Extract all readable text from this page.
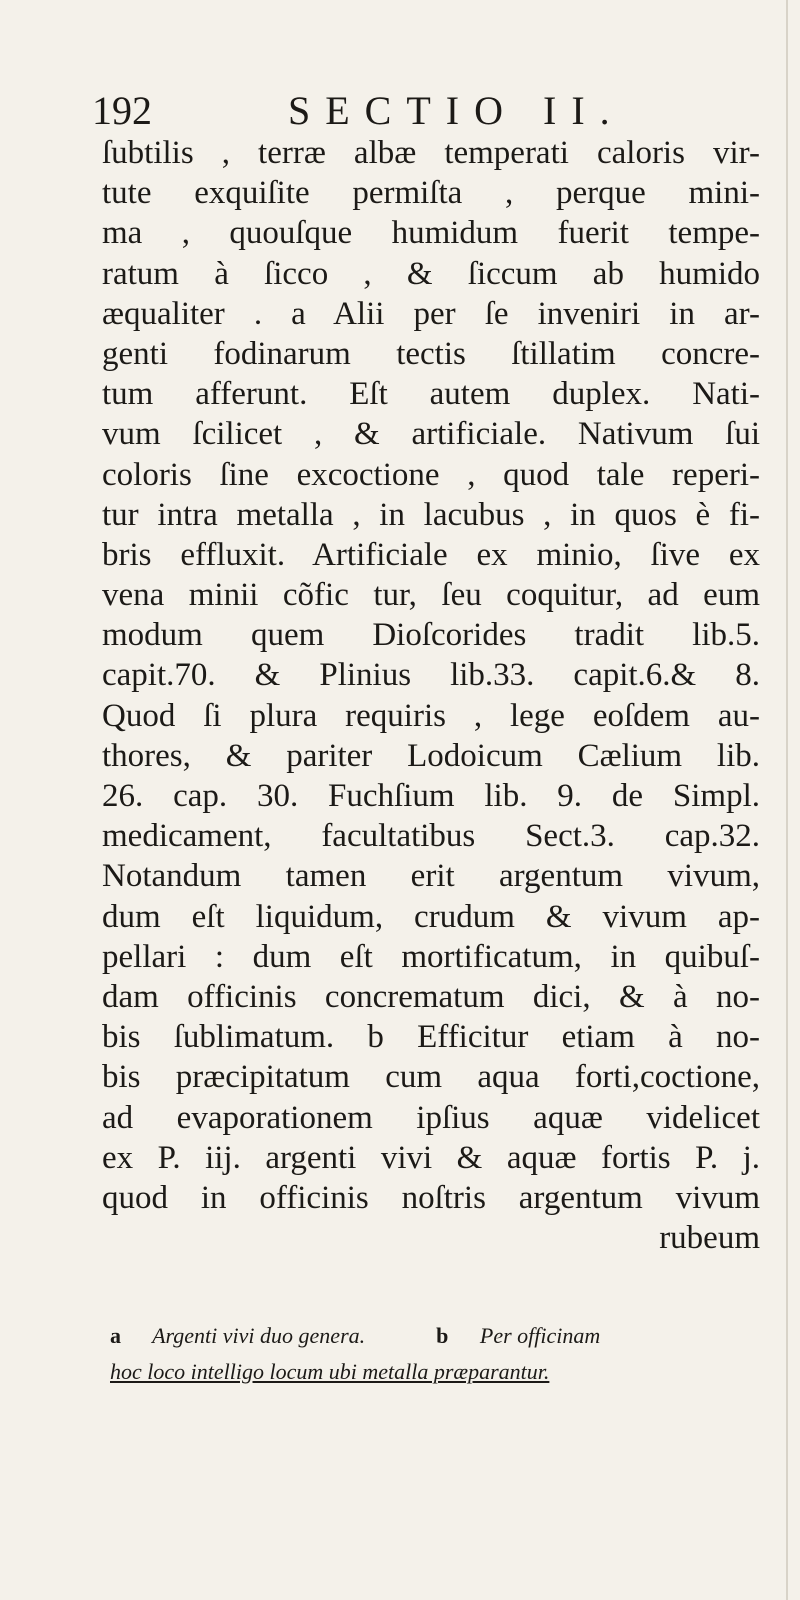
192	SECTIO II.
ſubtilis , terræ albæ temperati caloris vir-
tute exquiſite permiſta , perque mini-
ma , quouſque humidum fuerit tempe-
ratum à ſicco , & ſiccum ab humido
æqualiter . a Alii per ſe inveniri in ar-
genti fodinarum tectis ſtillatim concre-
tum afferunt. Eſt autem duplex. Nati-
vum ſcilicet , & artificiale. Nativum ſui
coloris ſine excoctione , quod tale reperi-
tur intra metalla , in lacubus , in quos è fi-
bris effluxit. Artificiale ex minio, ſive ex
vena minii cõfic tur, ſeu coquitur, ad eum
modum quem Dioſcorides tradit lib.5.
capit.70. & Plinius lib.33. capit.6.& 8.
Quod ſi plura requiris , lege eoſdem au-
thores, & pariter Lodoicum Cælium lib.
26. cap. 30. Fuchſium lib. 9. de Simpl.
medicament, facultatibus Sect.3. cap.32.
Notandum tamen erit argentum vivum,
dum eſt liquidum, crudum & vivum ap-
pellari : dum eſt mortificatum, in quibuſ-
dam officinis concrematum dici, & à no-
bis ſublimatum. b Efficitur etiam à no-
bis præcipitatum cum aqua forti,coctione,
ad evaporationem ipſius aquæ videlicet
ex P. iij. argenti vivi & aquæ fortis P. j.
quod in officinis noſtris argentum vivum
rubeum
a Argenti vivi duo genera.	b Per officinam
hoc loco intelligo locum ubi metalla præparantur.
